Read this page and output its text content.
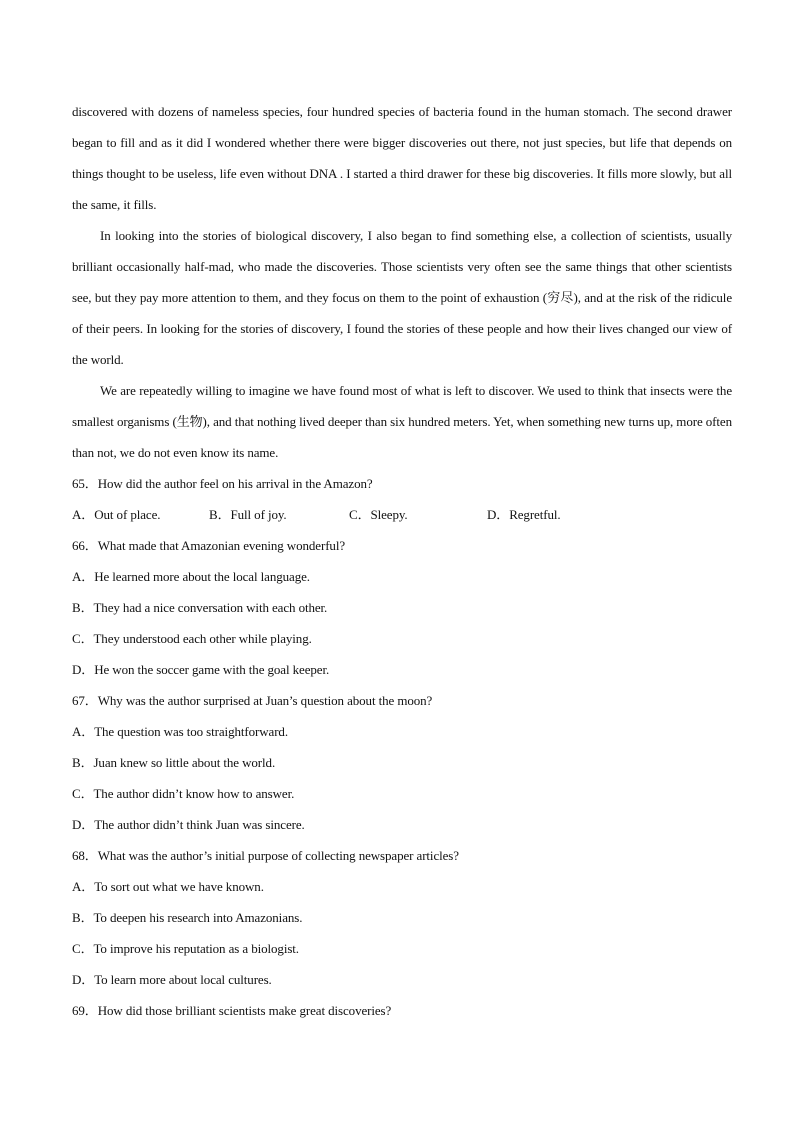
discovered with dozens of nameless species, four hundred species of bacteria found in the human stomach. The second drawer began to fill and as it did I wondered whether there were bigger discoveries out there, not just species, but life that depends on things thought to be useless, life even without DNA . I started a third drawer for these big discoveries. It fills more slowly, but all the same, it fills.

In looking into the stories of biological discovery, I also began to find something else, a collection of scientists, usually brilliant occasionally half-mad, who made the discoveries. Those scientists very often see the same things that other scientists see, but they pay more attention to them, and they focus on them to the point of exhaustion (穷尽), and at the risk of the ridicule of their peers. In looking for the stories of discovery, I found the stories of these people and how their lives changed our view of the world.

We are repeatedly willing to imagine we have found most of what is left to discover. We used to think that insects were the smallest organisms (生物), and that nothing lived deeper than six hundred meters. Yet, when something new turns up, more often than not, we do not even know its name.

65．How did the author feel on his arrival in the Amazon?

A．Out of place.	B．Full of joy.	C．Sleepy.	D．Regretful.

66．What made that Amazonian evening wonderful?

A．He learned more about the local language.

B．They had a nice conversation with each other.

C．They understood each other while playing.

D．He won the soccer game with the goal keeper.

67．Why was the author surprised at Juan’s question about the moon?

A．The question was too straightforward.

B．Juan knew so little about the world.

C．The author didn’t know how to answer.

D．The author didn’t think Juan was sincere.

68．What was the author’s initial purpose of collecting newspaper articles?

A．To sort out what we have known.

B．To deepen his research into Amazonians.

C．To improve his reputation as a biologist.

D．To learn more about local cultures.

69．How did those brilliant scientists make great discoveries?
